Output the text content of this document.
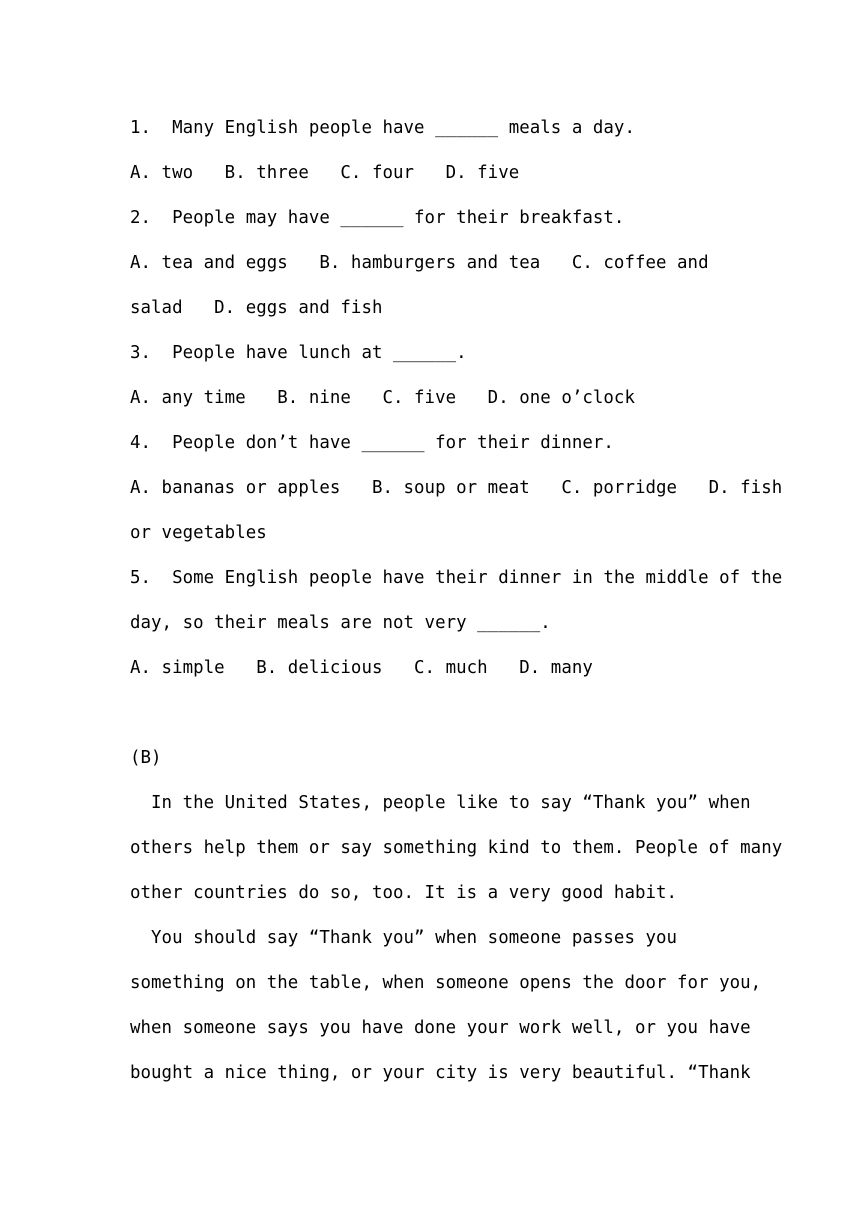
1.  Many English people have ______ meals a day.
A. two   B. three   C. four   D. five
2.  People may have ______ for their breakfast.
A. tea and eggs   B. hamburgers and tea   C. coffee and
salad   D. eggs and fish
3.  People have lunch at ______.
A. any time   B. nine   C. five   D. one o’clock
4.  People don’t have ______ for their dinner.
A. bananas or apples   B. soup or meat   C. porridge   D. fish
or vegetables
5.  Some English people have their dinner in the middle of the
day, so their meals are not very ______.
A. simple   B. delicious   C. much   D. many
(B)
In the United States, people like to say “Thank you” when
others help them or say something kind to them. People of many
other countries do so, too. It is a very good habit.
You should say “Thank you” when someone passes you
something on the table, when someone opens the door for you,
when someone says you have done your work well, or you have
bought a nice thing, or your city is very beautiful. “Thank
